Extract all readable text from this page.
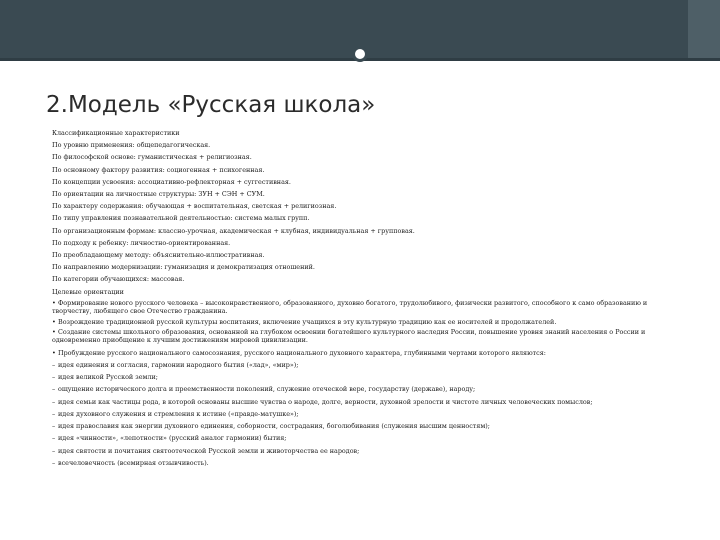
2.Модель «Русская школа»
Классификационные характеристики
По уровню применения: общепедагогическая.
По философской основе: гуманистическая + религиозная.
По основному фактору развития: социогенная + психогенная.
По концепции усвоения: ассоциативно-рефлекторная + суггестивная.
По ориентации на личностные структуры: ЗУН + СЭН + СУМ.
По характеру содержания: обучающая + воспитательная, светская + религиозная.
По типу управления познавательной деятельностью: система малых групп.
По организационным формам: классно-урочная, академическая + клубная, индивидуальная + групповая.
По подходу к ребенку: личностно-ориентированная.
По преобладающему методу: объяснительно-иллюстративная.
По направлению модернизации: гуманизация и демократизация отношений.
По категории обучающихся: массовая.
Целевые ориентации
• Формирование нового русского человека – высоконравственного, образованного, духовно богатого, трудолюбивого, физически развитого, способного к само образованию и творчеству, любящего свое Отечество гражданина.
• Возрождение традиционной русской культуры воспитания, включение учащихся в эту культурную традицию как ее носителей и продолжателей.
• Создание системы школьного образования, основанной на глубоком освоении богатейшего культурного наследия России, повышение уровня знаний населения о России и одновременно приобщение к лучшим достижениям мировой цивилизации.
• Пробуждение русского национального самосознания, русского национального духовного характера, глубинными чертами которого являются:
– идея единения и согласия, гармонии народного бытия («лад», «мир»);
– идея великой Русской земли;
– ощущение исторического долга и преемственности поколений, служение отеческой вере, государству (державе), народу;
– идея семьи как частицы рода, в которой основаны высшие чувства о народе, долге, верности, духовной зрелости и чистоте личных человеческих помыслов;
– идея духовного служения и стремления к истине («правде-матушке»);
– идея православия как энергии духовного единения, соборности, сострадания, боголюбивания (служения высшим ценностям);
– идея «чинности», «лепотности» (русский аналог гармонии) бытия;
– идея святости и почитания святоотеческой Русской земли и животорчества ее народов;
– всечеловечность (всемирная отзывчивость).
